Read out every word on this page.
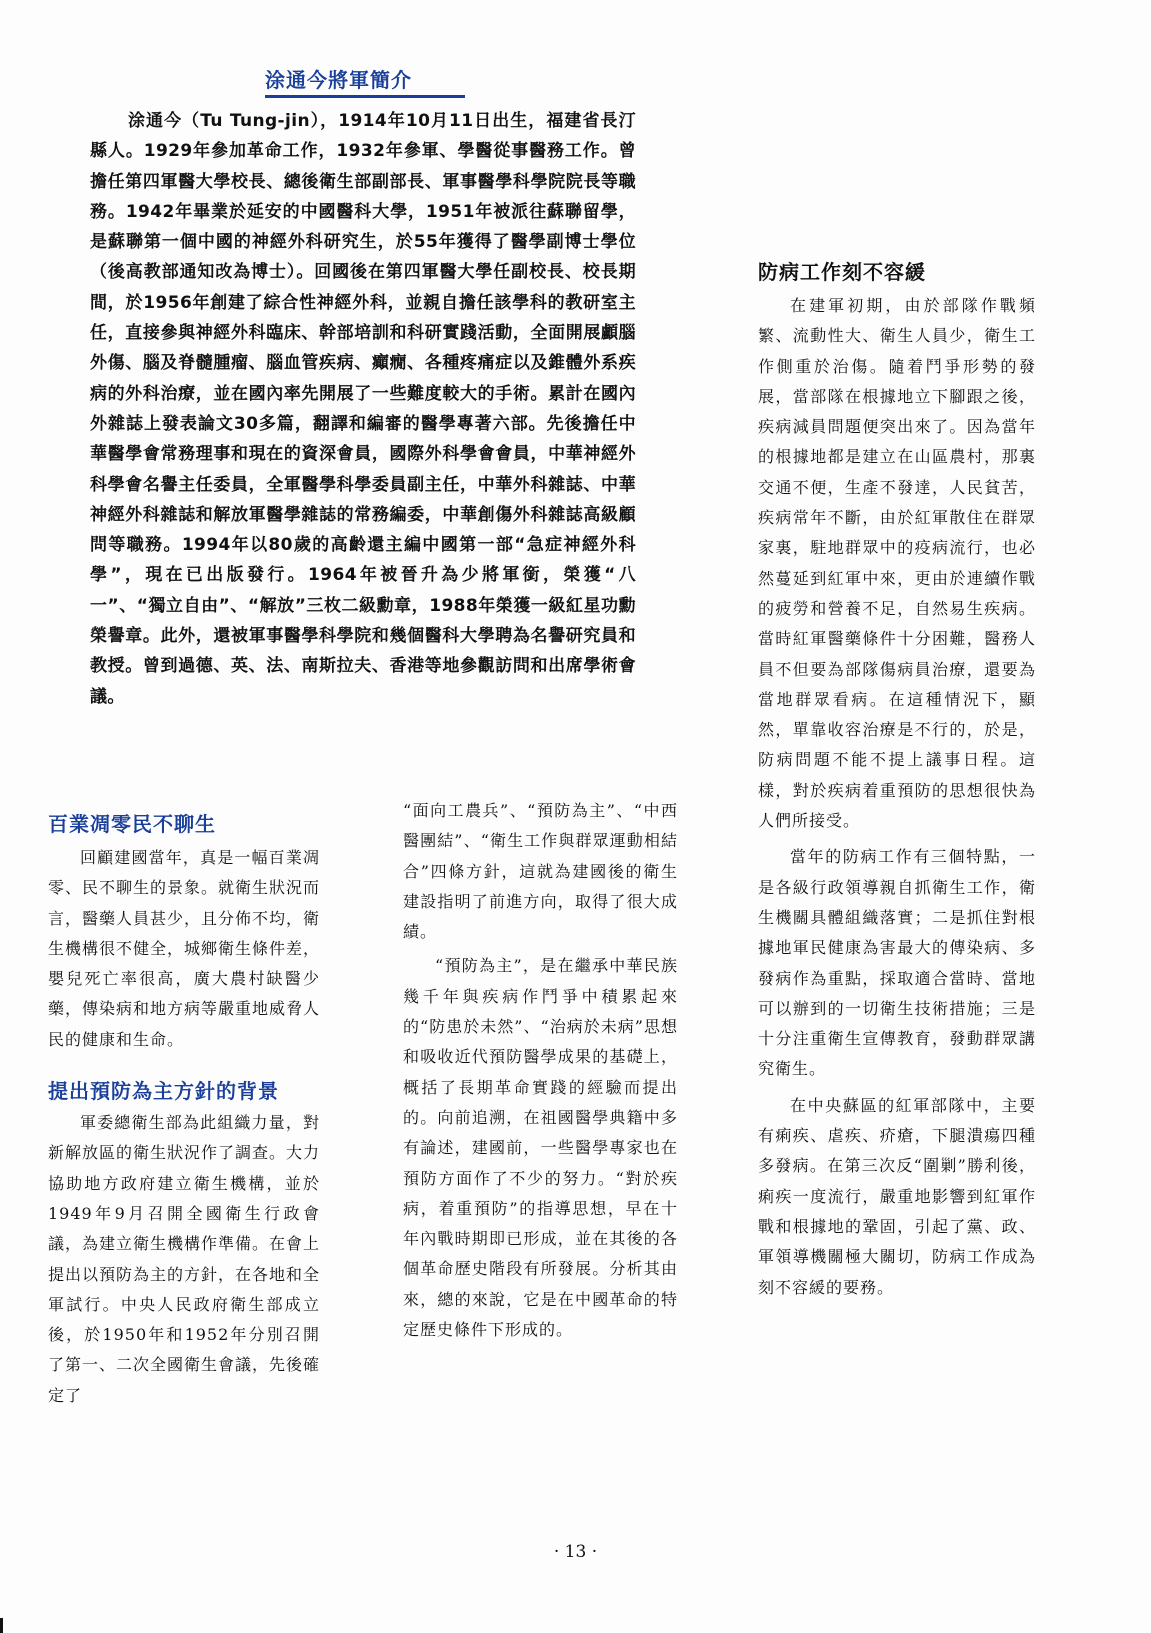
涂通今將軍簡介
涂通今（Tu Tung-jin），1914年10月11日出生，福建省長汀縣人。1929年參加革命工作，1932年參軍、學醫從事醫務工作。曾擔任第四軍醫大學校長、總後衛生部副部長、軍事醫學科學院院長等職務。1942年畢業於延安的中國醫科大學，1951年被派往蘇聯留學，是蘇聯第一個中國的神經外科研究生，於55年獲得了醫學副博士學位（後高教部通知改為博士）。回國後在第四軍醫大學任副校長、校長期間，於1956年創建了綜合性神經外科，並親自擔任該學科的教研室主任，直接參與神經外科臨床、幹部培訓和科研實踐活動，全面開展顱腦外傷、腦及脊髓腫瘤、腦血管疾病、癲癇、各種疼痛症以及錐體外系疾病的外科治療，並在國內率先開展了一些難度較大的手術。累計在國內外雜誌上發表論文30多篇，翻譯和編審的醫學專著六部。先後擔任中華醫學會常務理事和現在的資深會員，國際外科學會會員，中華神經外科學會名譽主任委員，全軍醫學科學委員副主任，中華外科雜誌、中華神經外科雜誌和解放軍醫學雜誌的常務編委，中華創傷外科雜誌高級顧問等職務。1994年以80歲的高齡還主編中國第一部“急症神經外科學”，現在已出版發行。1964年被晉升為少將軍銜，榮獲“八一”、“獨立自由”、“解放”三枚二級勳章，1988年榮獲一級紅星功勳榮譽章。此外，還被軍事醫學科學院和幾個醫科大學聘為名譽研究員和教授。曾到過德、英、法、南斯拉夫、香港等地參觀訪問和出席學術會議。
百業凋零民不聊生

回顧建國當年，真是一幅百業凋零、民不聊生的景象。就衛生狀況而言，醫藥人員甚少，且分佈不均，衛生機構很不健全，城鄉衛生條件差，嬰兒死亡率很高，廣大農村缺醫少藥，傳染病和地方病等嚴重地威脅人民的健康和生命。

提出預防為主方針的背景

軍委總衛生部為此組織力量，對新解放區的衛生狀況作了調查。大力協助地方政府建立衛生機構，並於1949年9月召開全國衛生行政會議，為建立衛生機構作準備。在會上提出以預防為主的方針，在各地和全軍試行。中央人民政府衛生部成立後，於1950年和1952年分別召開了第一、二次全國衛生會議，先後確定了

“面向工農兵”、“預防為主”、“中西醫團結”、“衛生工作與群眾運動相結合”四條方針，這就為建國後的衛生建設指明了前進方向，取得了很大成績。

“預防為主”，是在繼承中華民族幾千年與疾病作鬥爭中積累起來的“防患於未然”、“治病於未病”思想和吸收近代預防醫學成果的基礎上，概括了長期革命實踐的經驗而提出的。向前追溯，在祖國醫學典籍中多有論述，建國前，一些醫學專家也在預防方面作了不少的努力。“對於疾病，着重預防”的指導思想，早在十年內戰時期即已形成，並在其後的各個革命歷史階段有所發展。分析其由來，總的來說，它是在中國革命的特定歷史條件下形成的。

防病工作刻不容緩

在建軍初期，由於部隊作戰頻繁、流動性大、衛生人員少，衛生工作側重於治傷。隨着鬥爭形勢的發展，當部隊在根據地立下腳跟之後，疾病減員問題便突出來了。因為當年的根據地都是建立在山區農村，那裏交通不便，生產不發達，人民貧苦，疾病常年不斷，由於紅軍散住在群眾家裏，駐地群眾中的疫病流行，也必然蔓延到紅軍中來，更由於連續作戰的疲勞和營養不足，自然易生疾病。當時紅軍醫藥條件十分困難，醫務人員不但要為部隊傷病員治療，還要為當地群眾看病。在這種情況下，顯然，單靠收容治療是不行的，於是，防病問題不能不提上議事日程。這樣，對於疾病着重預防的思想很快為人們所接受。

當年的防病工作有三個特點，一是各級行政領導親自抓衛生工作，衛生機關具體組織落實；二是抓住對根據地軍民健康為害最大的傳染病、多發病作為重點，採取適合當時、當地可以辦到的一切衛生技術措施；三是十分注重衛生宣傳教育，發動群眾講究衛生。

在中央蘇區的紅軍部隊中，主要有痢疾、虐疾、疥瘡，下腿潰瘍四種多發病。在第三次反“圍剿”勝利後，痢疾一度流行，嚴重地影響到紅軍作戰和根據地的鞏固，引起了黨、政、軍領導機關極大關切，防病工作成為刻不容緩的要務。

· 13 ·
